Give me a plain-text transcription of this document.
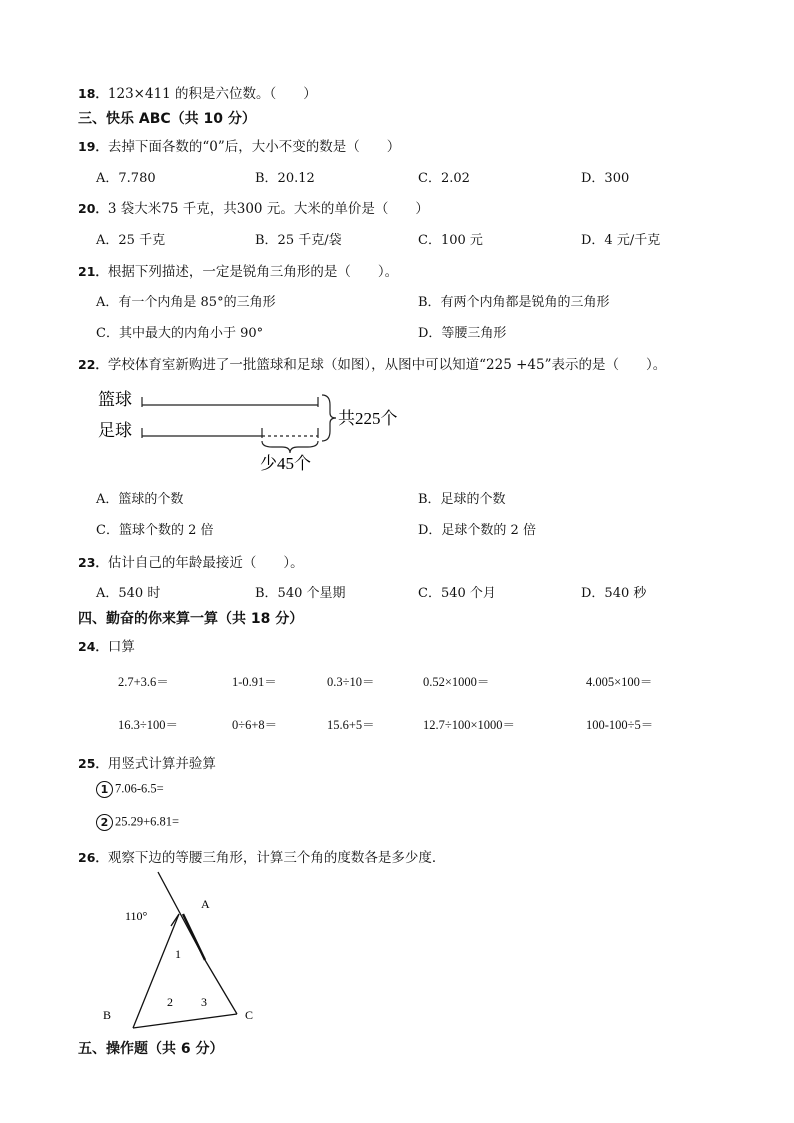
18．123×411 的积是六位数。（　　）
三、快乐 ABC（共 10 分）
19．去掉下面各数的“0”后，大小不变的数是（　　）
A．7.780	B．20.12	C．2.02	D．300
20．3 袋大米75 千克，共300 元。大米的单价是（　　）
A．25 千克	B．25 千克/袋	C．100 元	D．4 元/千克
21．根据下列描述，一定是锐角三角形的是（　　）。
A．有一个内角是 85°的三角形	B．有两个内角都是锐角的三角形
C．其中最大的内角小于 90°	D．等腰三角形
22．学校体育室新购进了一批篮球和足球（如图），从图中可以知道“225 +45”表示的是（　　）。
篮球
足球
共225个
少45个
A．篮球的个数	B．足球的个数
C．篮球个数的 2 倍	D．足球个数的 2 倍
23．估计自己的年龄最接近（　　）。
A．540 时	B．540 个星期	C．540 个月	D．540 秒
四、勤奋的你来算一算（共 18 分）
24．口算
2.7+3.6＝	1-0.91＝	0.3÷10＝	0.52×1000＝	4.005×100＝
16.3÷100＝	0÷6+8＝	15.6+5＝	12.7÷100×1000＝	100-100÷5＝
25．用竖式计算并验算
1 7.06-6.5=
2 25.29+6.81=
26．观察下边的等腰三角形，计算三个角的度数各是多少度．
110°
A
1
2 3
B	C
五、操作题（共 6 分）
